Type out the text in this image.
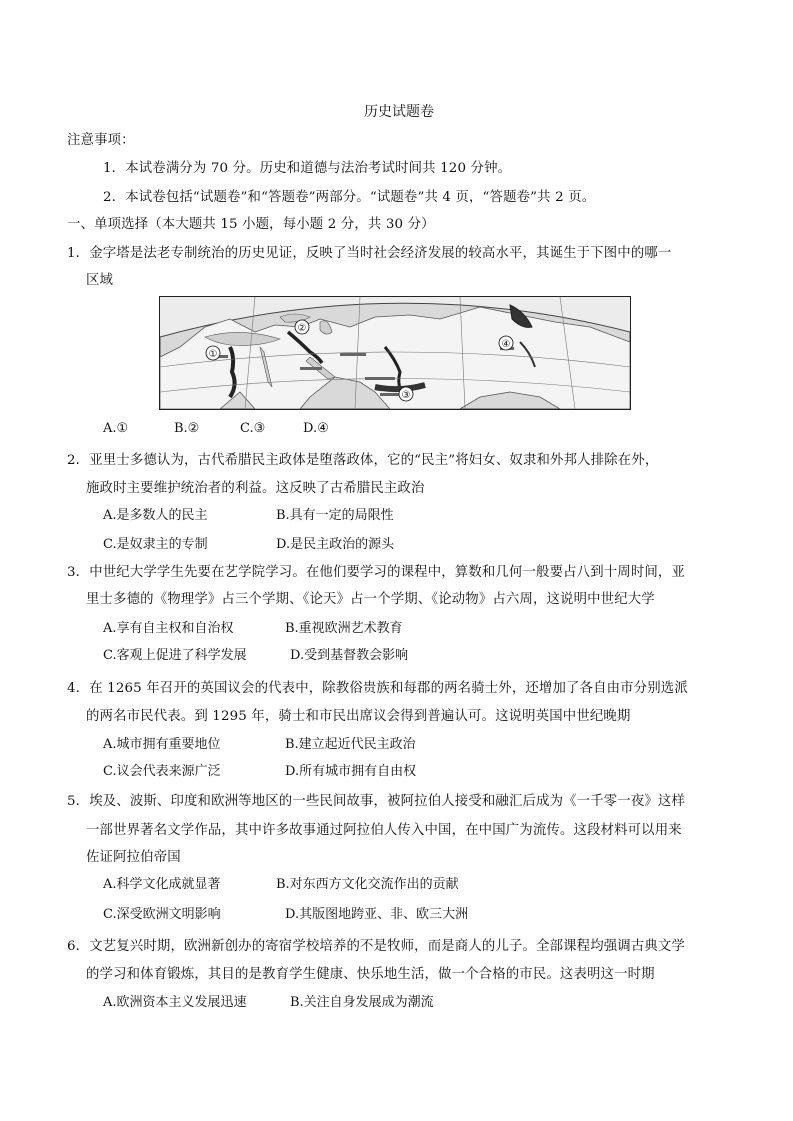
历史试题卷
注意事项：
1．本试卷满分为 70 分。历史和道德与法治考试时间共 120 分钟。
2．本试卷包括“试题卷”和“答题卷”两部分。“试题卷”共 4 页，“答题卷”共 2 页。
一、单项选择（本大题共 15 小题，每小题 2 分，共 30 分）
1．金字塔是法老专制统治的历史见证，反映了当时社会经济发展的较高水平，其诞生于下图中的哪一
区域
①
②
③
④
A.①	B.②	C.③	D.④
2．亚里士多德认为，古代希腊民主政体是堕落政体，它的“民主”将妇女、奴隶和外邦人排除在外，
施政时主要维护统治者的利益。这反映了古希腊民主政治
A.是多数人的民主	B.具有一定的局限性
C.是奴隶主的专制	D.是民主政治的源头
3．中世纪大学学生先要在艺学院学习。在他们要学习的课程中，算数和几何一般要占八到十周时间，亚
里士多德的《物理学》占三个学期、《论天》占一个学期、《论动物》占六周，这说明中世纪大学
A.享有自主权和自治权	B.重视欧洲艺术教育
C.客观上促进了科学发展	D.受到基督教会影响
4．在 1265 年召开的英国议会的代表中，除教俗贵族和每郡的两名骑士外，还增加了各自由市分别选派
的两名市民代表。到 1295 年，骑士和市民出席议会得到普遍认可。这说明英国中世纪晚期
A.城市拥有重要地位	B.建立起近代民主政治
C.议会代表来源广泛	D.所有城市拥有自由权
5．埃及、波斯、印度和欧洲等地区的一些民间故事，被阿拉伯人接受和融汇后成为《一千零一夜》这样
一部世界著名文学作品，其中许多故事通过阿拉伯人传入中国，在中国广为流传。这段材料可以用来
佐证阿拉伯帝国
A.科学文化成就显著	B.对东西方文化交流作出的贡献
C.深受欧洲文明影响	D.其版图地跨亚、非、欧三大洲
6．文艺复兴时期，欧洲新创办的寄宿学校培养的不是牧师，而是商人的儿子。全部课程均强调古典文学
的学习和体育锻炼，其目的是教育学生健康、快乐地生活，做一个合格的市民。这表明这一时期
A.欧洲资本主义发展迅速	B.关注自身发展成为潮流
